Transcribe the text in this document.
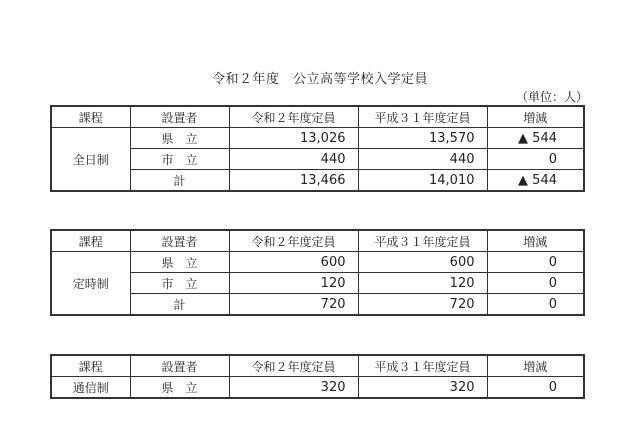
令和２年度　公立高等学校入学定員
（単位：人）
課程	設置者	令和２年度定員	平成３１年度定員	増減
全日制	県　立	13,026	13,570	▲ 544
	市　立	440	440	0
	計	13,466	14,010	▲ 544
課程	設置者	令和２年度定員	平成３１年度定員	増減
定時制	県　立	600	600	0
	市　立	120	120	0
	計	720	720	0
課程	設置者	令和２年度定員	平成３１年度定員	増減
通信制	県　立	320	320	0
